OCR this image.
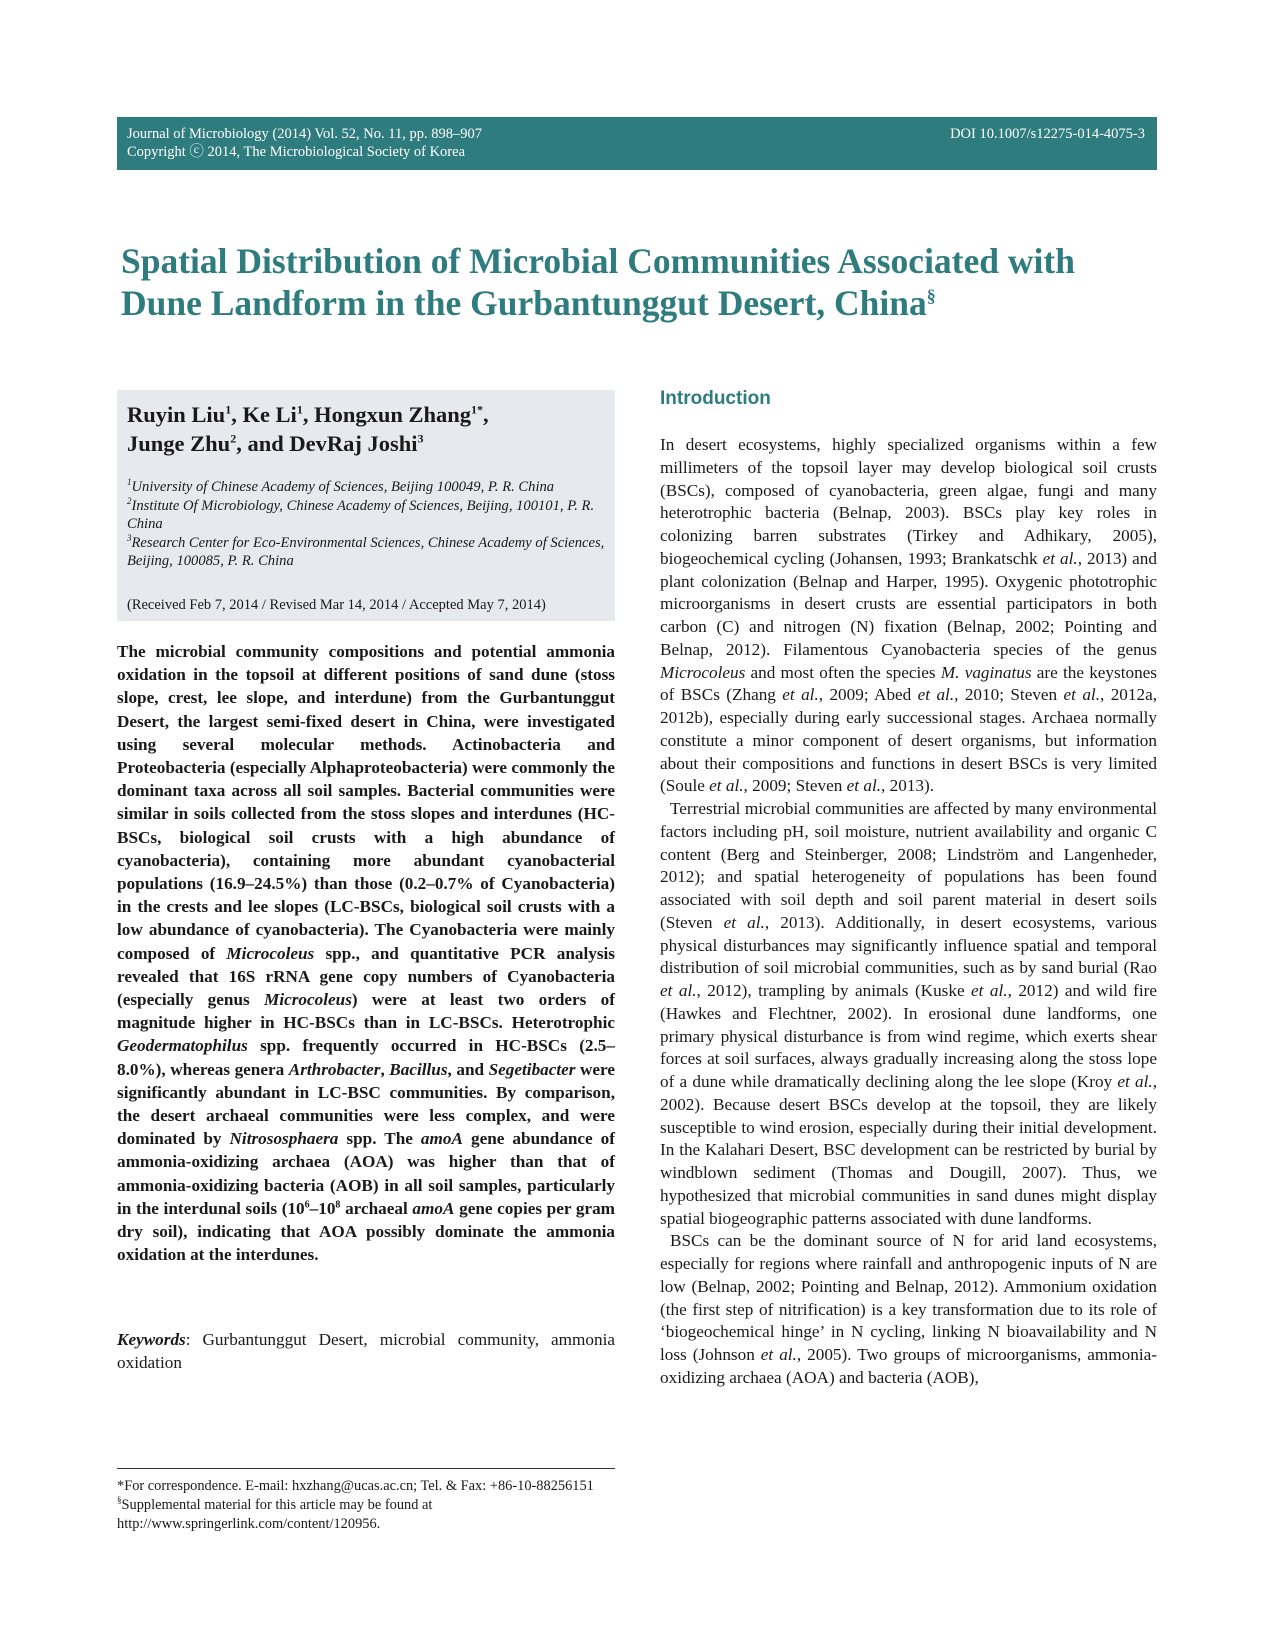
Journal of Microbiology (2014) Vol. 52, No. 11, pp. 898–907
Copyright ⓒ 2014, The Microbiological Society of Korea
DOI 10.1007/s12275-014-4075-3
Spatial Distribution of Microbial Communities Associated with Dune Landform in the Gurbantunggut Desert, China§

Ruyin Liu$^1$, Ke Li$^1$, Hongxun Zhang$^{1*}$,
Junge Zhu$^2$, and DevRaj Joshi$^3$

$^1$University of Chinese Academy of Sciences, Beijing 100049, P. R. China
$^2$Institute Of Microbiology, Chinese Academy of Sciences, Beijing, 100101, P. R. China
$^3$Research Center for Eco-Environmental Sciences, Chinese Academy of Sciences, Beijing, 100085, P. R. China
(Received Feb 7, 2014 / Revised Mar 14, 2014 / Accepted May 7, 2014)

The microbial community compositions and potential ammonia oxidation in the topsoil at different positions of sand dune (stoss slope, crest, lee slope, and interdune) from the Gurbantunggut Desert, the largest semi-fixed desert in China, were investigated using several molecular methods. Actinobacteria and Proteobacteria (especially Alphaproteobacteria) were commonly the dominant taxa across all soil samples. Bacterial communities were similar in soils collected from the stoss slopes and interdunes (HC-BSCs, biological soil crusts with a high abundance of cyanobacteria), containing more abundant cyanobacterial populations (16.9–24.5%) than those (0.2–0.7% of Cyanobacteria) in the crests and lee slopes (LC-BSCs, biological soil crusts with a low abundance of cyanobacteria). The Cyanobacteria were mainly composed of Microcoleus spp., and quantitative PCR analysis revealed that 16S rRNA gene copy numbers of Cyanobacteria (especially genus Microcoleus) were at least two orders of magnitude higher in HC-BSCs than in LC-BSCs. Heterotrophic Geodermatophilus spp. frequently occurred in HC-BSCs (2.5–8.0%), whereas genera Arthrobacter, Bacillus, and Segetibacter were significantly abundant in LC-BSC communities. By comparison, the desert archaeal communities were less complex, and were dominated by Nitrososphaera spp. The amoA gene abundance of ammonia-oxidizing archaea (AOA) was higher than that of ammonia-oxidizing bacteria (AOB) in all soil samples, particularly in the interdunal soils ($10^6-10^8$ archaeal amoA gene copies per gram dry soil), indicating that AOA possibly dominate the ammonia oxidation at the interdunes.

Keywords: Gurbantunggut Desert, microbial community, ammonia oxidation

*For correspondence. E-mail: hxzhang@ucas.ac.cn; Tel. & Fax: +86-10-88256151

§Supplemental material for this article may be found at http://www.springerlink.com/content/120956.

Introduction

In desert ecosystems, highly specialized organisms within a few millimeters of the topsoil layer may develop biological soil crusts (BSCs), composed of cyanobacteria, green algae, fungi and many heterotrophic bacteria (Belnap, 2003). BSCs play key roles in colonizing barren substrates (Tirkey and Adhikary, 2005), biogeochemical cycling (Johansen, 1993; Brankatschk et al., 2013) and plant colonization (Belnap and Harper, 1995). Oxygenic phototrophic microorganisms in desert crusts are essential participators in both carbon (C) and nitrogen (N) fixation (Belnap, 2002; Pointing and Belnap, 2012). Filamentous Cyanobacteria species of the genus Microcoleus and most often the species M. vaginatus are the keystones of BSCs (Zhang et al., 2009; Abed et al., 2010; Steven et al., 2012a, 2012b), especially during early successional stages. Archaea normally constitute a minor component of desert organisms, but information about their compositions and functions in desert BSCs is very limited (Soule et al., 2009; Steven et al., 2013).

Terrestrial microbial communities are affected by many environmental factors including pH, soil moisture, nutrient availability and organic C content (Berg and Steinberger, 2008; Lindström and Langenheder, 2012); and spatial heterogeneity of populations has been found associated with soil depth and soil parent material in desert soils (Steven et al., 2013). Additionally, in desert ecosystems, various physical disturbances may significantly influence spatial and temporal distribution of soil microbial communities, such as by sand burial (Rao et al., 2012), trampling by animals (Kuske et al., 2012) and wild fire (Hawkes and Flechtner, 2002). In erosional dune landforms, one primary physical disturbance is from wind regime, which exerts shear forces at soil surfaces, always gradually increasing along the stoss lope of a dune while dramatically declining along the lee slope (Kroy et al., 2002). Because desert BSCs develop at the topsoil, they are likely susceptible to wind erosion, especially during their initial development. In the Kalahari Desert, BSC development can be restricted by burial by windblown sediment (Thomas and Dougill, 2007). Thus, we hypothesized that microbial communities in sand dunes might display spatial biogeographic patterns associated with dune landforms.

BSCs can be the dominant source of N for arid land ecosystems, especially for regions where rainfall and anthropogenic inputs of N are low (Belnap, 2002; Pointing and Belnap, 2012). Ammonium oxidation (the first step of nitrification) is a key transformation due to its role of ‘biogeochemical hinge’ in N cycling, linking N bioavailability and N loss (Johnson et al., 2005). Two groups of microorganisms, ammonia-oxidizing archaea (AOA) and bacteria (AOB),
